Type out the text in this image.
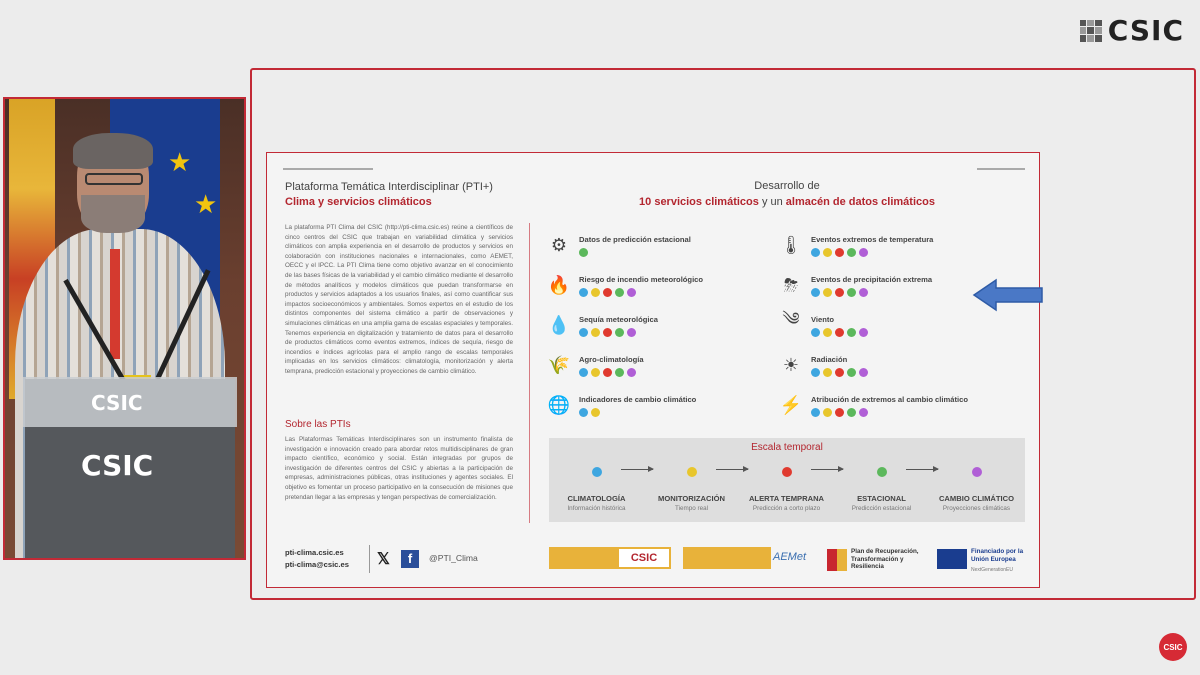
CSIC
★
★
CSIC
CSIC
Plataforma Temática Interdisciplinar (PTI+)
Clima y servicios climáticos
La plataforma PTI Clima del CSIC (http://pti-clima.csic.es) reúne a científicos de cinco centros del CSIC que trabajan en variabilidad climática y servicios climáticos con amplia experiencia en el desarrollo de productos y servicios en colaboración con instituciones nacionales e internacionales, como AEMET, OECC y el IPCC. La PTI Clima tiene como objetivo avanzar en el conocimiento de las bases físicas de la variabilidad y el cambio climático mediante el desarrollo de métodos analíticos y modelos climáticos que puedan transformarse en productos y servicios adaptados a los usuarios finales, así como cuantificar sus impactos socioeconómicos y ambientales. Somos expertos en el estudio de los distintos componentes del sistema climático a partir de observaciones y simulaciones climáticas en una amplia gama de escalas espaciales y temporales. Tenemos experiencia en digitalización y tratamiento de datos para el desarrollo de productos climáticos como eventos extremos, índices de sequía, riesgo de incendios e índices agrícolas para el amplio rango de escalas temporales implicadas en los servicios climáticos: climatología, monitorización y alerta temprana, predicción estacional y proyecciones de cambio climático.
Sobre las PTIs
Las Plataformas Temáticas Interdisciplinares son un instrumento finalista de investigación e innovación creado para abordar retos multidisciplinares de gran impacto científico, económico y social. Están integradas por grupos de investigación de diferentes centros del CSIC y abiertas a la participación de empresas, administraciones públicas, otras instituciones y agentes sociales. El objetivo es fomentar un proceso participativo en la consecución de misiones que pretendan llegar a las empresas y tengan perspectivas de comercialización.
Desarrollo de
10 servicios climáticos y un almacén de datos climáticos
Escala temporal
CLIMATOLOGÍA
Información histórica
MONITORIZACIÓN
Tiempo real
ALERTA TEMPRANA
Predicción a corto plazo
ESTACIONAL
Predicción estacional
CAMBIO CLIMÁTICO
Proyecciones climáticas
pti-clima.csic.es
pti-clima@csic.es 𝕏	f	@PTI_Clima	CSIC	AEMet	Plan de Recuperación, Transformación y Resiliencia
Financiado por la Unión Europea
NextGenerationEU
⚙	Datos de predicción estacional	🌡 Eventos extremos de temperatura
🔥 Riesgo de incendio meteorológico	⛈	Eventos de precipitación extrema
💧 Sequía meteorológica	༄	Viento
🌾 Agro-climatología	☀	Radiación
🌐 Indicadores de cambio climático	⚡ Atribución de extremos al cambio climático
CSIC
